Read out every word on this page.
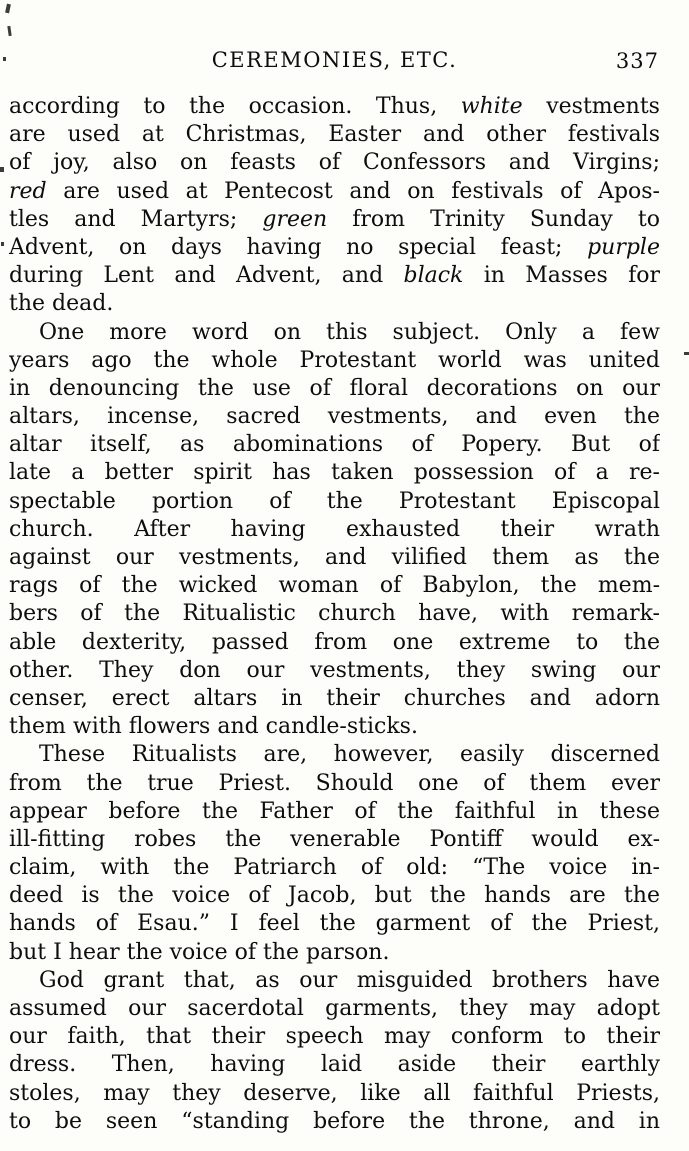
CEREMONIES, ETC.	337
according to the occasion. Thus, white vestments
are used at Christmas, Easter and other festivals
of joy, also on feasts of Confessors and Virgins;
red are used at Pentecost and on festivals of Apos-
tles and Martyrs; green from Trinity Sunday to
Advent, on days having no special feast; purple
during Lent and Advent, and black in Masses for
the dead.
One more word on this subject. Only a few
years ago the whole Protestant world was united
in denouncing the use of floral decorations on our
altars, incense, sacred vestments, and even the
altar itself, as abominations of Popery. But of
late a better spirit has taken possession of a re-
spectable portion of the Protestant Episcopal
church. After having exhausted their wrath
against our vestments, and vilified them as the
rags of the wicked woman of Babylon, the mem-
bers of the Ritualistic church have, with remark-
able dexterity, passed from one extreme to the
other. They don our vestments, they swing our
censer, erect altars in their churches and adorn
them with flowers and candle-sticks.
These Ritualists are, however, easily discerned
from the true Priest. Should one of them ever
appear before the Father of the faithful in these
ill-fitting robes the venerable Pontiff would ex-
claim, with the Patriarch of old: “The voice in-
deed is the voice of Jacob, but the hands are the
hands of Esau.” I feel the garment of the Priest,
but I hear the voice of the parson.
God grant that, as our misguided brothers have
assumed our sacerdotal garments, they may adopt
our faith, that their speech may conform to their
dress. Then, having laid aside their earthly
stoles, may they deserve, like all faithful Priests,
to be seen “standing before the throne, and in
